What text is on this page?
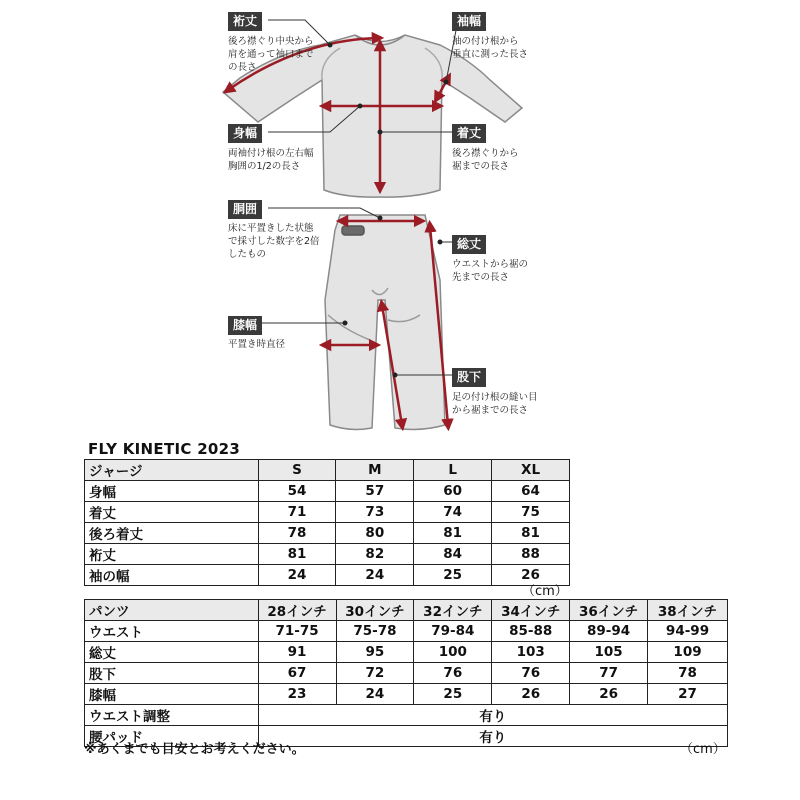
裄丈
後ろ襟ぐり中央から
肩を通って袖口まで
の長さ
袖幅
袖の付け根から
垂直に測った長さ
身幅
両袖付け根の左右幅
胸囲の1/2の長さ
着丈
後ろ襟ぐりから
裾までの長さ
胴囲
床に平置きした状態
で採寸した数字を2倍
したもの
総丈
ウエストから裾の
先までの長さ
膝幅
平置き時直径
股下
足の付け根の縫い目
から裾までの長さ
FLY KINETIC 2023
ジャージ	S	M	L	XL
身幅	54	57	60	64
着丈	71	73	74	75
後ろ着丈	78	80	81	81
裄丈	81	82	84	88
袖の幅	24	24	25	26
（cm）
パンツ	28インチ	30インチ	32インチ	34インチ	36インチ	38インチ
ウエスト	71-75	75-78	79-84	85-88	89-94	94-99
総丈	91	95	100	103	105	109
股下	67	72	76	76	77	78
膝幅	23	24	25	26	26	27
ウエスト調整	有り					
腰パッド	有り					
※あくまでも目安とお考えください。	（cm）
